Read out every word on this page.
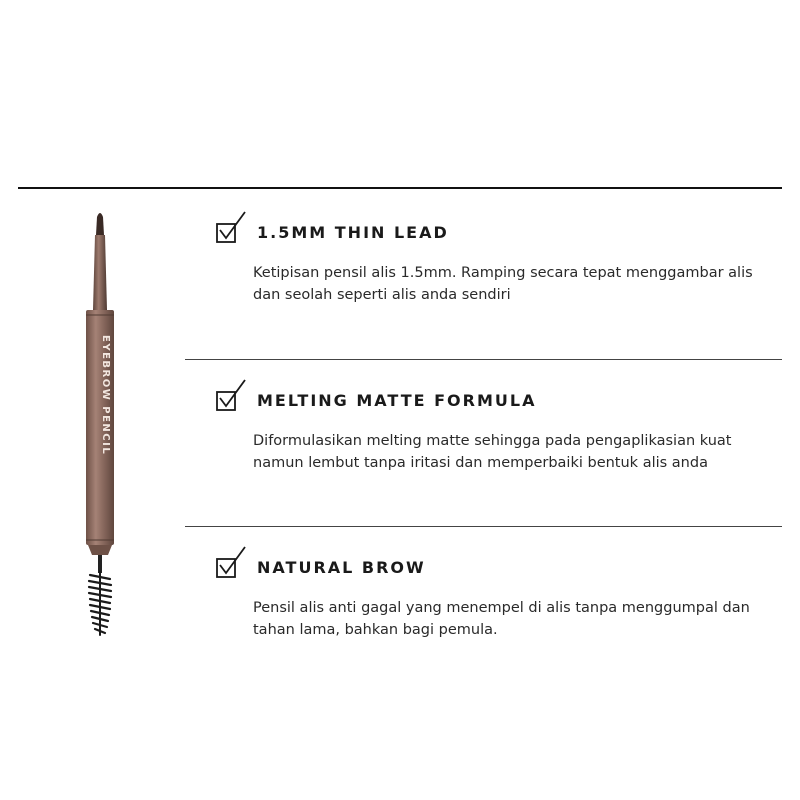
EYEBROW PENCIL
1.5MM THIN LEAD
Ketipisan pensil alis 1.5mm. Ramping secara tepat menggambar alis dan seolah seperti alis anda sendiri
MELTING MATTE FORMULA
Diformulasikan melting matte sehingga pada pengaplikasian kuat namun lembut tanpa iritasi dan memperbaiki bentuk alis anda
NATURAL BROW
Pensil alis anti gagal yang menempel di alis tanpa menggumpal dan tahan lama, bahkan bagi pemula.
